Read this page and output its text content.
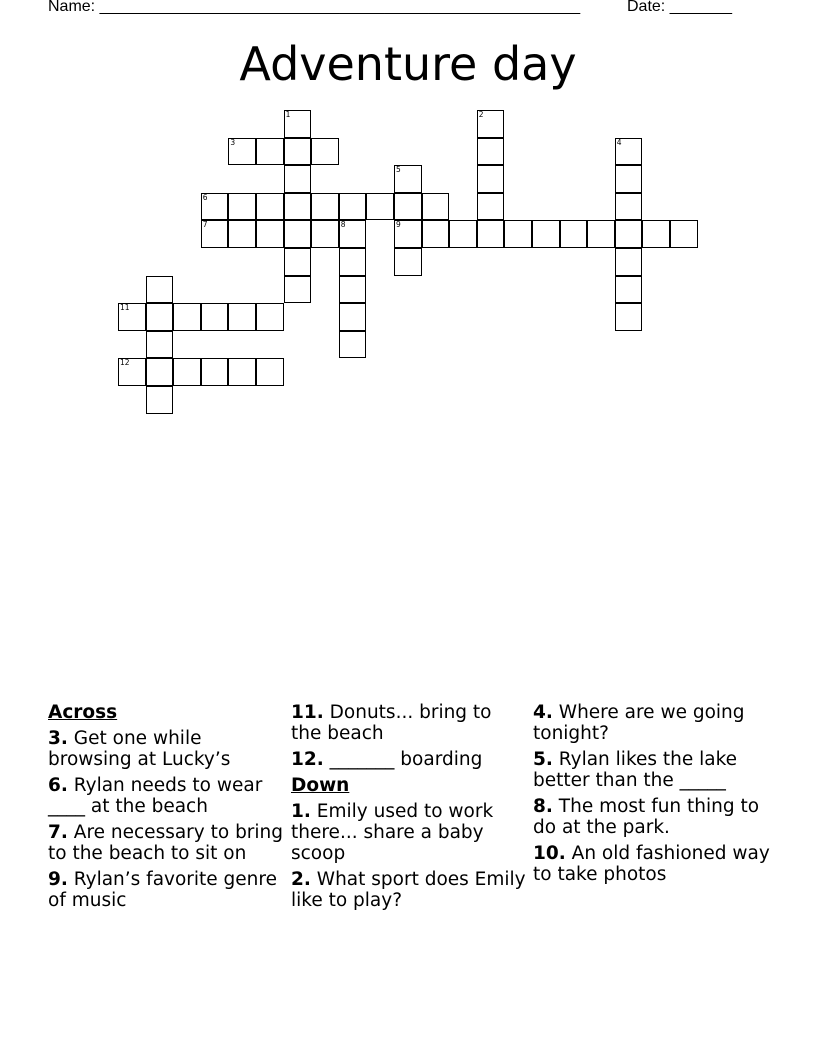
Name: ______________________________________________________	Date: _______
Adventure day
1	2
3	4
5
9
6
7	8
11
12
Across
3. Get one while browsing at Lucky’s
6. Rylan needs to wear ____ at the beach
7. Are necessary to bring to the beach to sit on
9. Rylan’s favorite genre of music
11. Donuts... bring to the beach
12. _______ boarding
Down
1. Emily used to work there... share a baby scoop
2. What sport does Emily like to play?
4. Where are we going tonight?
5. Rylan likes the lake better than the _____
8. The most fun thing to do at the park.
10. An old fashioned way to take photos
